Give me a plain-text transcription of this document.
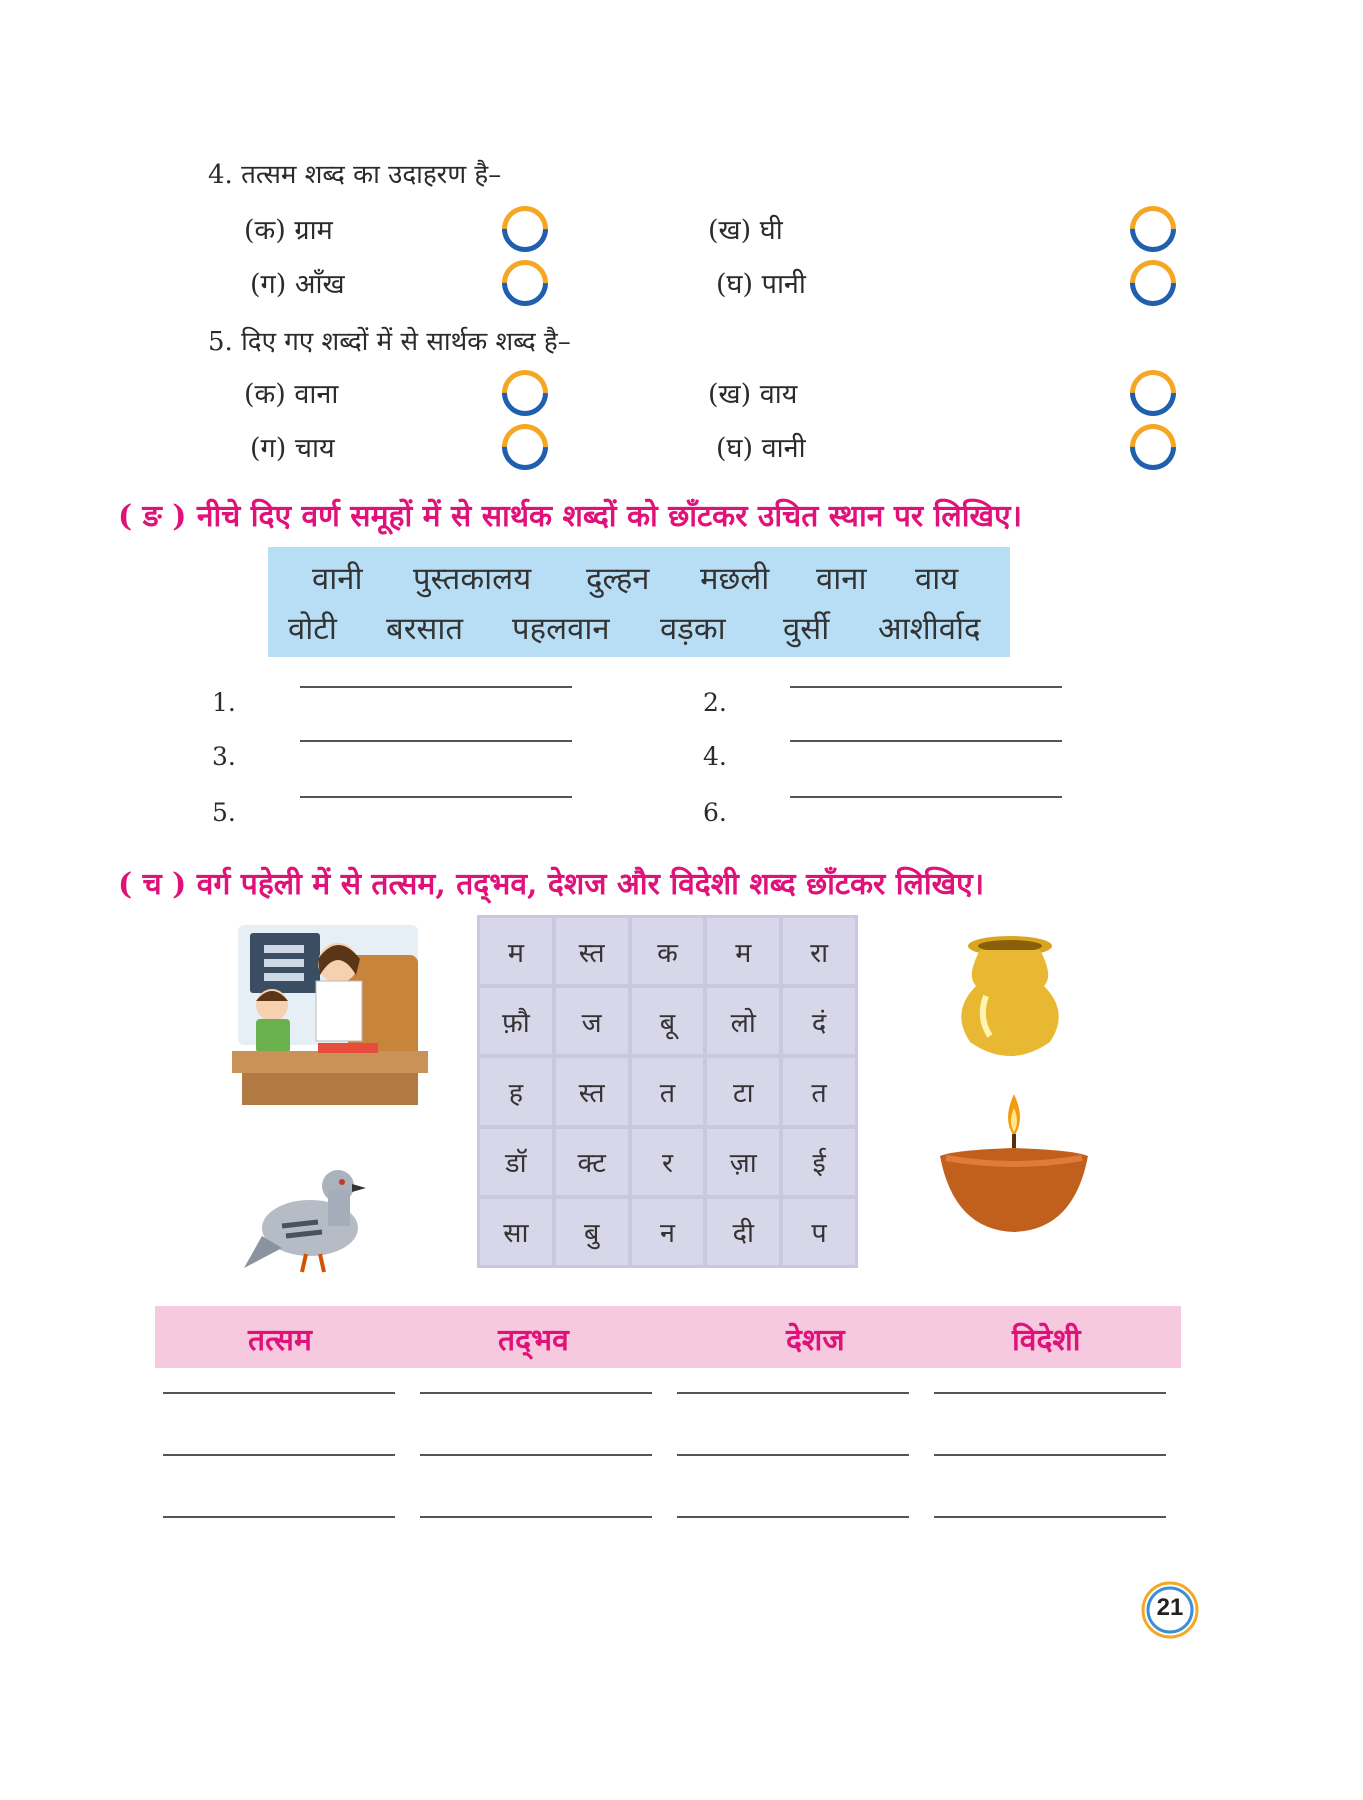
4. तत्सम शब्द का उदाहरण है–
(क) ग्राम	(ख) घी
(ग) आँख	(घ) पानी
5. दिए गए शब्दों में से सार्थक शब्द है–
(क) वाना	(ख) वाय
(ग) चाय	(घ) वानी
( ङ ) नीचे दिए वर्ण समूहों में से सार्थक शब्दों को छाँटकर उचित स्थान पर लिखिए।
वानी पुस्तकालय दुल्हन मछली वाना वाय
वोटी बरसात पहलवान वड़का वुर्सी आशीर्वाद
1.	2.
3.	4.
5.	6.
( च ) वर्ग पहेली में से तत्सम, तद्‌भव, देशज और विदेशी शब्द छाँटकर लिखिए।
म	स्त	क	म	रा
फ़ौ	ज	बू	लो	दं
ह	स्त	त	टा	त
डॉ	क्ट	र	ज़ा	ई
सा	बु	न	दी	प
तत्सम	तद्‌भव	देशज	विदेशी
21
